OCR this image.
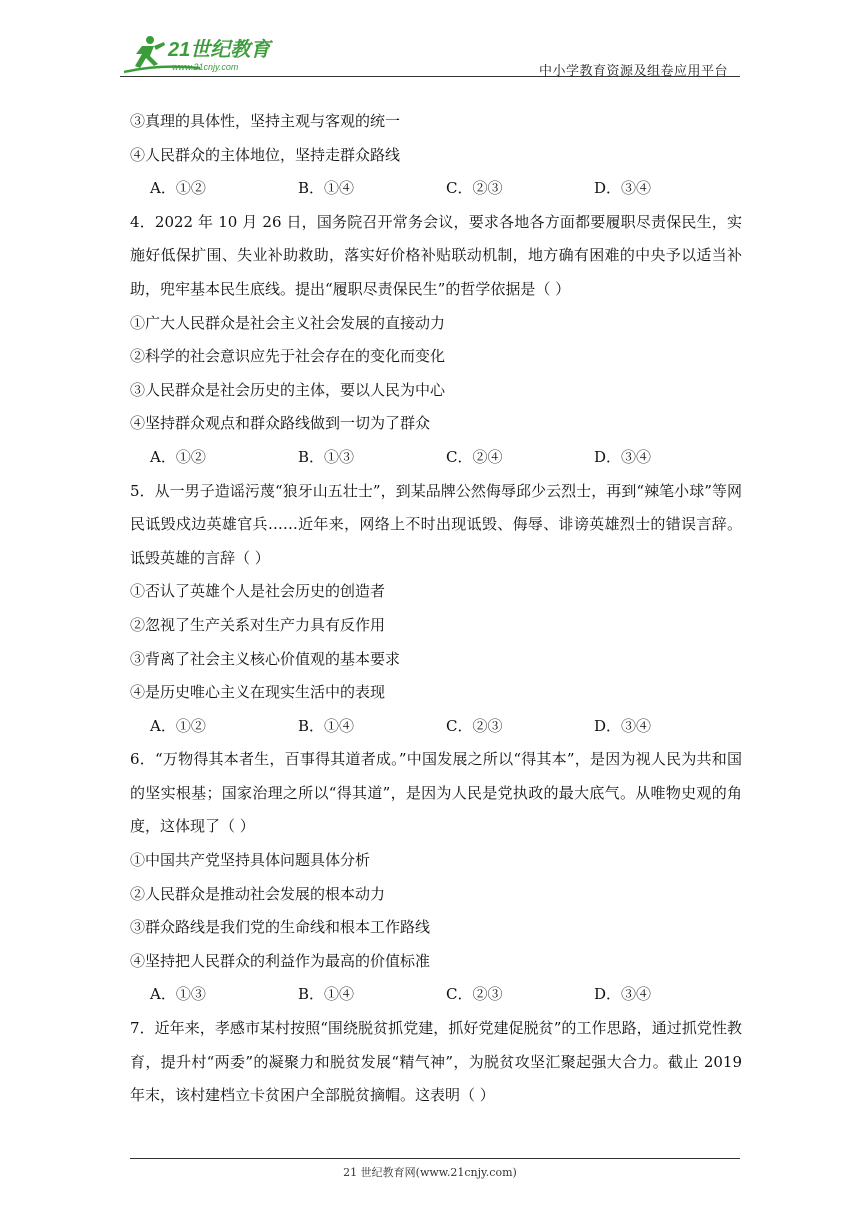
21世纪教育
www.21cnjy.com	中小学教育资源及组卷应用平台
③真理的具体性，坚持主观与客观的统一
④人民群众的主体地位，坚持走群众路线
A．①②	B．①④	C．②③	D．③④
4．2022 年 10 月 26 日，国务院召开常务会议，要求各地各方面都要履职尽责保民生，实施好低保扩围、失业补助救助，落实好价格补贴联动机制，地方确有困难的中央予以适当补助，兜牢基本民生底线。提出“履职尽责保民生”的哲学依据是（ ）
①广大人民群众是社会主义社会发展的直接动力
②科学的社会意识应先于社会存在的变化而变化
③人民群众是社会历史的主体，要以人民为中心
④坚持群众观点和群众路线做到一切为了群众
A．①②	B．①③	C．②④	D．③④
5．从一男子造谣污蔑“狼牙山五壮士”，到某品牌公然侮辱邱少云烈士，再到“辣笔小球”等网民诋毁戍边英雄官兵……近年来，网络上不时出现诋毁、侮辱、诽谤英雄烈士的错误言辞。诋毁英雄的言辞（ ）
①否认了英雄个人是社会历史的创造者
②忽视了生产关系对生产力具有反作用
③背离了社会主义核心价值观的基本要求
④是历史唯心主义在现实生活中的表现
A．①②	B．①④	C．②③	D．③④
6．“万物得其本者生，百事得其道者成。”中国发展之所以“得其本”，是因为视人民为共和国的坚实根基；国家治理之所以“得其道”，是因为人民是党执政的最大底气。从唯物史观的角度，这体现了（ ）
①中国共产党坚持具体问题具体分析
②人民群众是推动社会发展的根本动力
③群众路线是我们党的生命线和根本工作路线
④坚持把人民群众的利益作为最高的价值标准
A．①③	B．①④	C．②③	D．③④
7．近年来，孝感市某村按照“围绕脱贫抓党建，抓好党建促脱贫”的工作思路，通过抓党性教育，提升村“两委”的凝聚力和脱贫发展“精气神”，为脱贫攻坚汇聚起强大合力。截止 2019 年末，该村建档立卡贫困户全部脱贫摘帽。这表明（ ）
21 世纪教育网(www.21cnjy.com)
